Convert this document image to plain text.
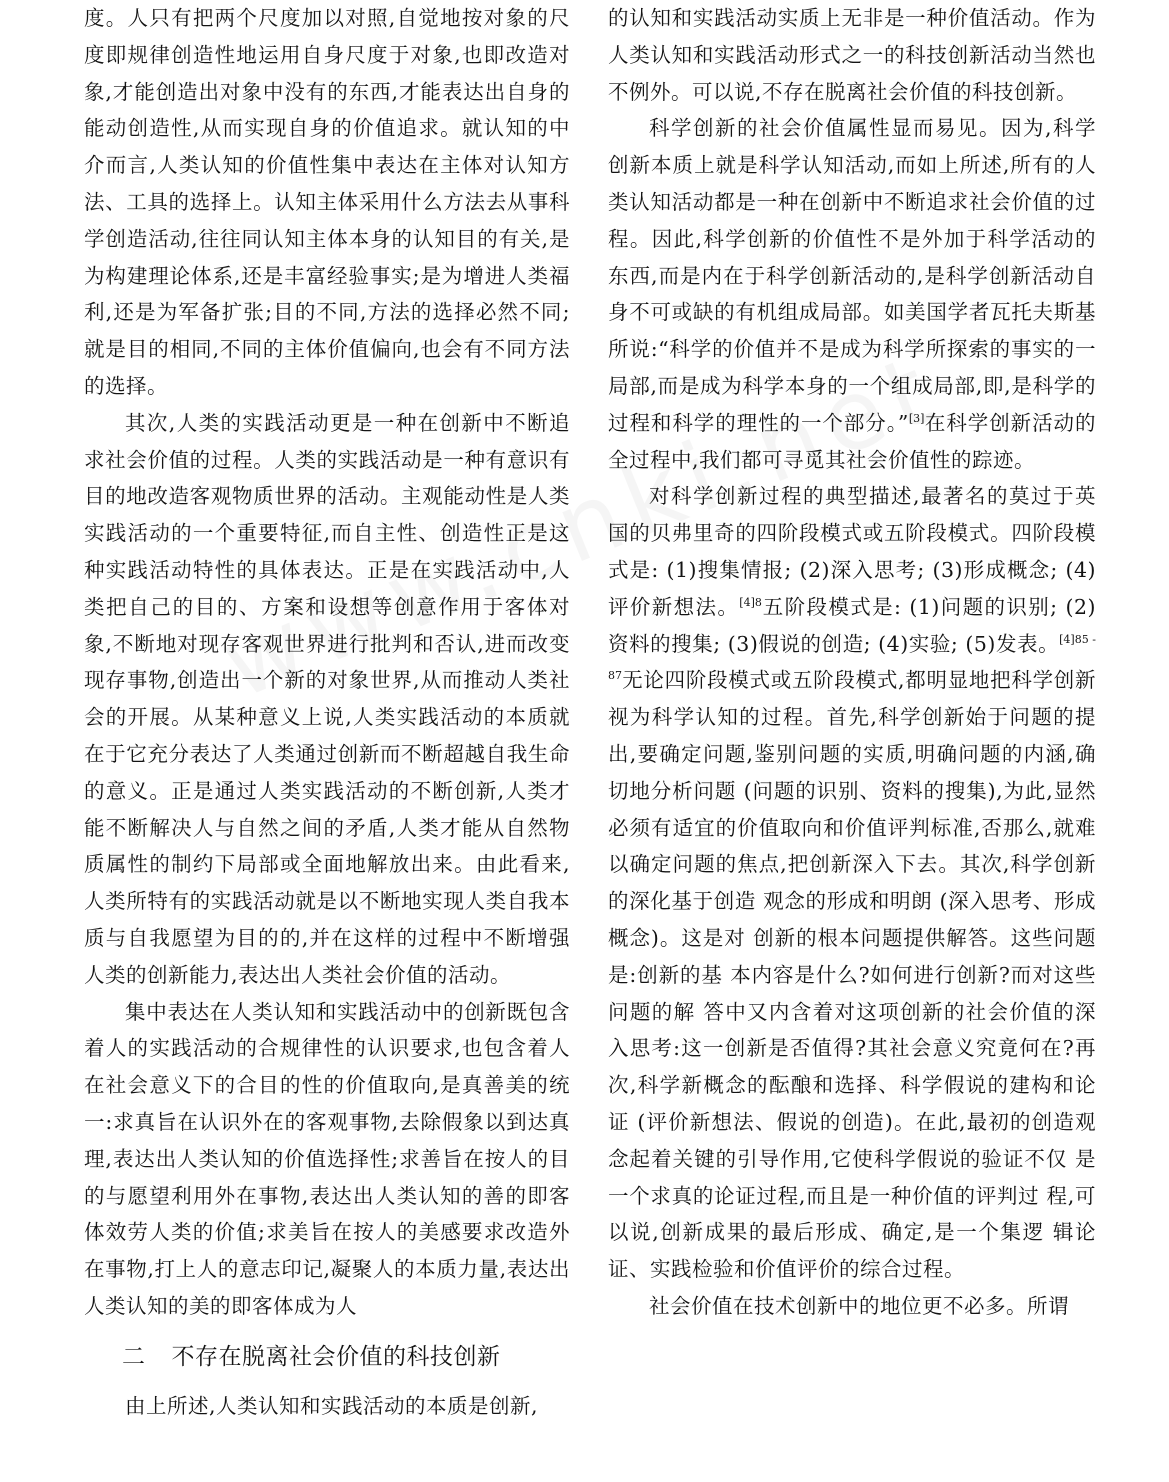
度。人只有把两个尺度加以对照,自觉地按对象的尺度即规律创造性地运用自身尺度于对象,也即改造对象,才能创造出对象中没有的东西,才能表达出自身的能动创造性,从而实现自身的价值追求。就认知的中介而言,人类认知的价值性集中表达在主体对认知方法、工具的选择上。认知主体采用什么方法去从事科学创造活动,往往同认知主体本身的认知目的有关,是为构建理论体系,还是丰富经验事实;是为增进人类福利,还是为军备扩张;目的不同,方法的选择必然不同;就是目的相同,不同的主体价值偏向,也会有不同方法的选择。

其次,人类的实践活动更是一种在创新中不断追求社会价值的过程。人类的实践活动是一种有意识有目的地改造客观物质世界的活动。主观能动性是人类实践活动的一个重要特征,而自主性、创造性正是这种实践活动特性的具体表达。正是在实践活动中,人类把自己的目的、方案和设想等创意作用于客体对象,不断地对现存客观世界进行批判和否认,进而改变现存事物,创造出一个新的对象世界,从而推动人类社会的开展。从某种意义上说,人类实践活动的本质就在于它充分表达了人类通过创新而不断超越自我生命的意义。正是通过人类实践活动的不断创新,人类才能不断解决人与自然之间的矛盾,人类才能从自然物质属性的制约下局部或全面地解放出来。由此看来,人类所特有的实践活动就是以不断地实现人类自我本质与自我愿望为目的的,并在这样的过程中不断增强人类的创新能力,表达出人类社会价值的活动。

集中表达在人类认知和实践活动中的创新既包含着人的实践活动的合规律性的认识要求,也包含着人在社会意义下的合目的性的价值取向,是真善美的统一:求真旨在认识外在的客观事物,去除假象以到达真理,表达出人类认知的价值选择性;求善旨在按人的目的与愿望利用外在事物,表达出人类认知的善的即客体效劳人类的价值;求美旨在按人的美感要求改造外在事物,打上人的意志印记,凝聚人的本质力量,表达出人类认知的美的即客体成为人

二 不存在脱离社会价值的科技创新

由上所述,人类认知和实践活动的本质是创新,

的认知和实践活动实质上无非是一种价值活动。作为人类认知和实践活动形式之一的科技创新活动当然也不例外。可以说,不存在脱离社会价值的科技创新。

科学创新的社会价值属性显而易见。因为,科学创新本质上就是科学认知活动,而如上所述,所有的人类认知活动都是一种在创新中不断追求社会价值的过程。因此,科学创新的价值性不是外加于科学活动的东西,而是内在于科学创新活动的,是科学创新活动自身不可或缺的有机组成局部。如美国学者瓦托夫斯基所说:“科学的价值并不是成为科学所探索的事实的一局部,而是成为科学本身的一个组成局部,即,是科学的过程和科学的理性的一个部分。”[3]在科学创新活动的全过程中,我们都可寻觅其社会价值性的踪迹。

对科学创新过程的典型描述,最著名的莫过于英国的贝弗里奇的四阶段模式或五阶段模式。四阶段模式是: (1)搜集情报; (2)深入思考; (3)形成概念; (4)评价新想法。$^{[4]8}$五阶段模式是: (1)问题的识别; (2)资料的搜集; (3)假说的创造; (4)实验; (5)发表。$^{[4]85 - 87}$无论四阶段模式或五阶段模式,都明显地把科学创新视为科学认知的过程。首先,科学创新始于问题的提出,要确定问题,鉴别问题的实质,明确问题的内涵,确切地分析问题 (问题的识别、资料的搜集),为此,显然必须有适宜的价值取向和价值评判标准,否那么,就难以确定问题的焦点,把创新深入下去。其次,科学创新的深化基于创造 观念的形成和明朗 (深入思考、形成概念)。这是对 创新的根本问题提供解答。这些问题是:创新的基 本内容是什么?如何进行创新?而对这些问题的解 答中又内含着对这项创新的社会价值的深入思考:这一创新是否值得?其社会意义究竟何在?再次,科学新概念的酝酿和选择、科学假说的建构和论证 (评价新想法、假说的创造)。在此,最初的创造观 念起着关键的引导作用,它使科学假说的验证不仅 是一个求真的论证过程,而且是一种价值的评判过 程,可以说,创新成果的最后形成、确定,是一个集逻 辑论证、实践检验和价值评价的综合过程。

社会价值在技术创新中的地位更不必多。所谓
